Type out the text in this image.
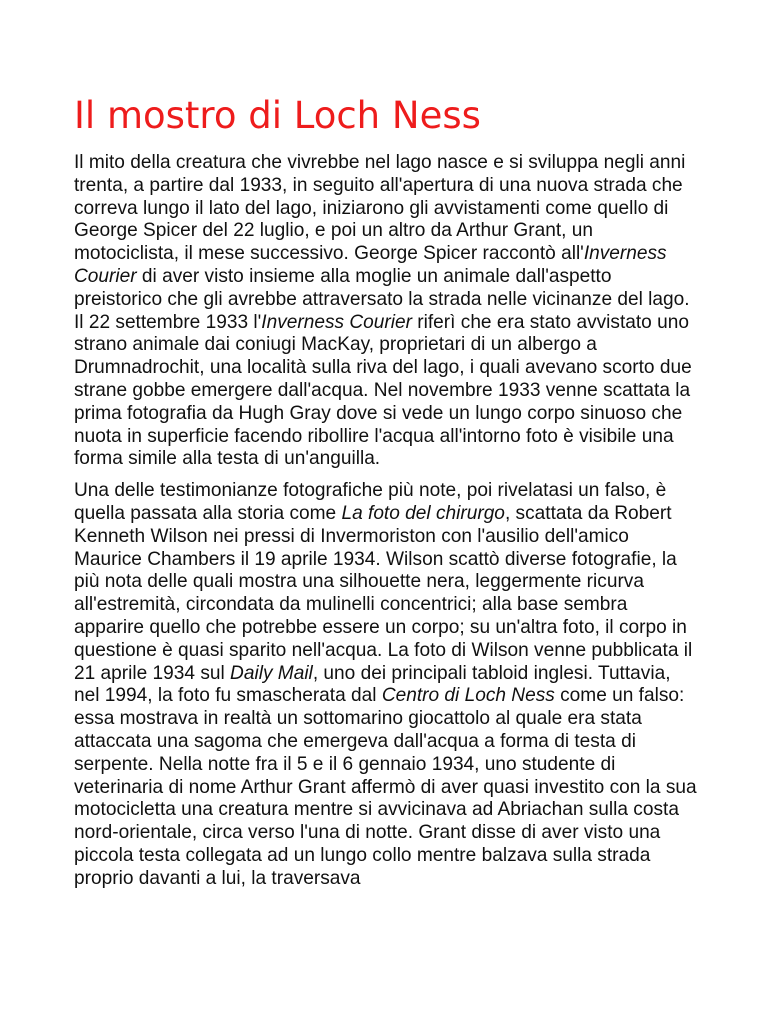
Il mostro di Loch Ness

Il mito della creatura che vivrebbe nel lago nasce e si sviluppa negli anni trenta, a partire dal 1933, in seguito all'apertura di una nuova strada che correva lungo il lato del lago, iniziarono gli avvistamenti come quello di George Spicer del 22 luglio, e poi un altro da Arthur Grant, un motociclista, il mese successivo. George Spicer raccontò all'Inverness Courier di aver visto insieme alla moglie un animale dall'aspetto preistorico che gli avrebbe attraversato la strada nelle vicinanze del lago. Il 22 settembre 1933 l'Inverness Courier riferì che era stato avvistato uno strano animale dai coniugi MacKay, proprietari di un albergo a Drumnadrochit, una località sulla riva del lago, i quali avevano scorto due strane gobbe emergere dall'acqua. Nel novembre 1933 venne scattata la prima fotografia da Hugh Gray dove si vede un lungo corpo sinuoso che nuota in superficie facendo ribollire l'acqua all'intorno foto è visibile una forma simile alla testa di un'anguilla.

Una delle testimonianze fotografiche più note, poi rivelatasi un falso, è quella passata alla storia come La foto del chirurgo, scattata da Robert Kenneth Wilson nei pressi di Invermoriston con l'ausilio dell'amico Maurice Chambers il 19 aprile 1934. Wilson scattò diverse fotografie, la più nota delle quali mostra una silhouette nera, leggermente ricurva all'estremità, circondata da mulinelli concentrici; alla base sembra apparire quello che potrebbe essere un corpo; su un'altra foto, il corpo in questione è quasi sparito nell'acqua. La foto di Wilson venne pubblicata il 21 aprile 1934 sul Daily Mail, uno dei principali tabloid inglesi. Tuttavia, nel 1994, la foto fu smascherata dal Centro di Loch Ness come un falso: essa mostrava in realtà un sottomarino giocattolo al quale era stata attaccata una sagoma che emergeva dall'acqua a forma di testa di serpente. Nella notte fra il 5 e il 6 gennaio 1934, uno studente di veterinaria di nome Arthur Grant affermò di aver quasi investito con la sua motocicletta una creatura mentre si avvicinava ad Abriachan sulla costa nord-orientale, circa verso l'una di notte. Grant disse di aver visto una piccola testa collegata ad un lungo collo mentre balzava sulla strada proprio davanti a lui, la traversava
